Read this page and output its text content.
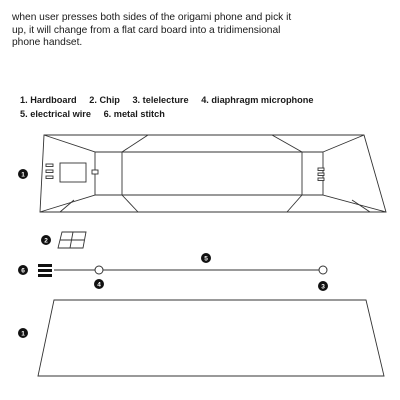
when user presses both sides of the origami phone and pick it
up, it will change from a flat card board into a tridimensional
phone handset.
1. Hardboard 2. Chip 3. telelecture 4. diaphragm microphone
5. electrical wire 6. metal stitch
1
2
6
5
4	3
1
